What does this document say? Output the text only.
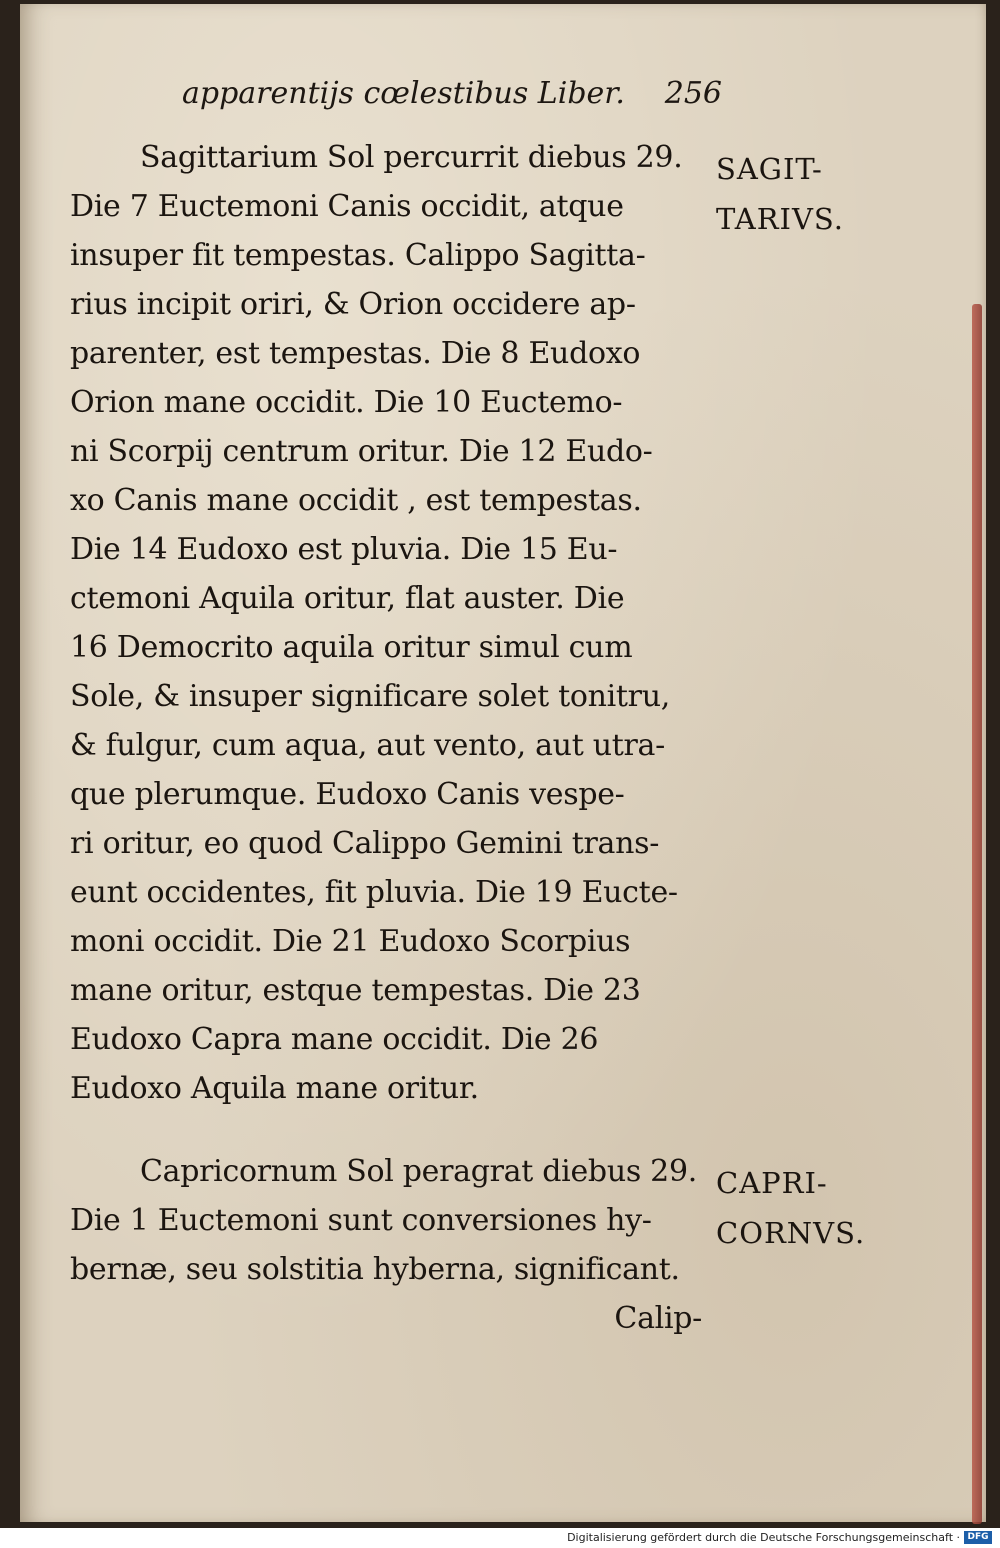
apparentijs cœlestibus Liber. 256
Sagittarium Sol percurrit diebus 29.
Die 7 Euctemoni Canis occidit, atque
insuper fit tempestas. Calippo Sagitta-
rius incipit oriri, & Orion occidere ap-
parenter, est tempestas. Die 8 Eudoxo
Orion mane occidit. Die 10 Euctemo-
ni Scorpij centrum oritur. Die 12 Eudo-
xo Canis mane occidit , est tempestas.
Die 14 Eudoxo est pluvia. Die 15 Eu-
ctemoni Aquila oritur, flat auster. Die
16 Democrito aquila oritur simul cum
Sole, & insuper significare solet tonitru,
& fulgur, cum aqua, aut vento, aut utra-
que plerumque. Eudoxo Canis vespe-
ri oritur, eo quod Calippo Gemini trans-
eunt occidentes, fit pluvia. Die 19 Eucte-
moni occidit. Die 21 Eudoxo Scorpius
mane oritur, estque tempestas. Die 23
Eudoxo Capra mane occidit. Die 26
Eudoxo Aquila mane oritur.
SAGIT-
TARIVS.
Capricornum Sol peragrat diebus 29.
Die 1 Euctemoni sunt conversiones hy-
bernæ, seu solstitia hyberna, significant.
Calip-
CAPRI-
CORNVS.
Digitalisierung gefördert durch die Deutsche Forschungsgemeinschaft · DFG
